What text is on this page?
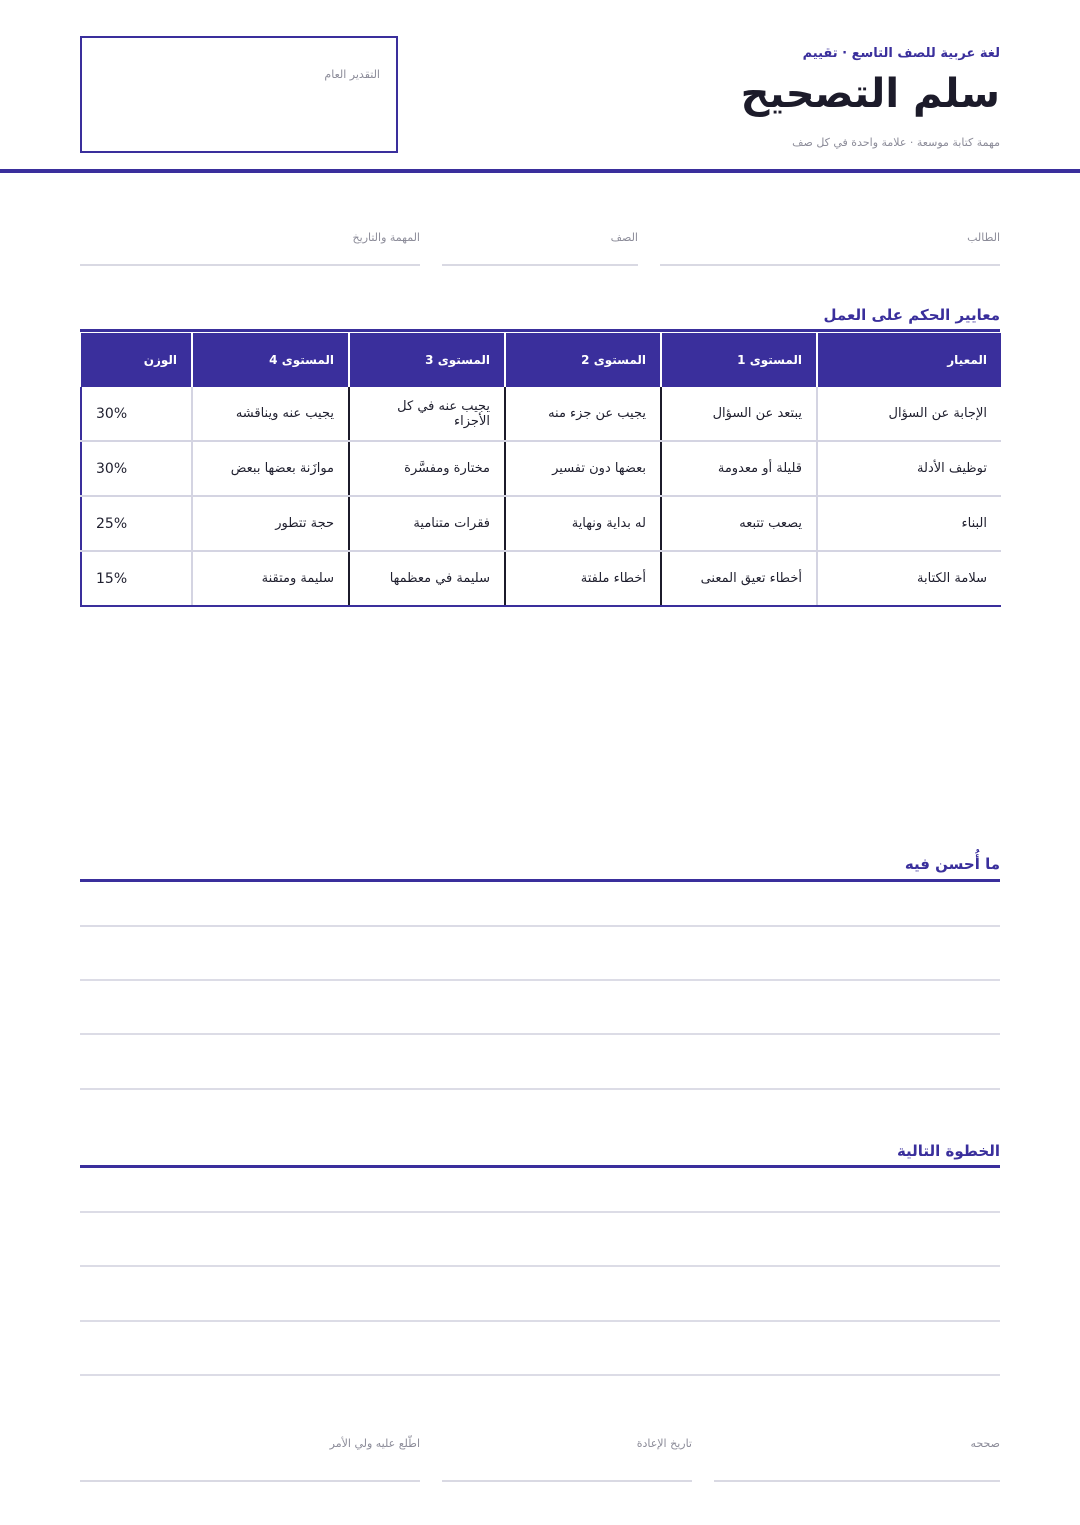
لغة عربية للصف التاسع · تقييم
سلم التصحيح
مهمة كتابة موسعة · علامة واحدة في كل صف
التقدير العام
الطالب
الصف
المهمة والتاريخ
معايير الحكم على العمل
المعيار	المستوى 1	المستوى 2	المستوى 3	المستوى 4	الوزن
الإجابة عن السؤال	يبتعد عن السؤال	يجيب عن جزء منه	يجيب عنه في كل الأجزاء	يجيب عنه ويناقشه	30%
توظيف الأدلة	قليلة أو معدومة	بعضها دون تفسير	مختارة ومفسَّرة	موازَنة بعضها ببعض	30%
البناء	يصعب تتبعه	له بداية ونهاية	فقرات متنامية	حجة تتطور	25%
سلامة الكتابة	أخطاء تعيق المعنى	أخطاء ملفتة	سليمة في معظمها	سليمة ومتقنة	15%
ما أُحسن فيه
الخطوة التالية
صححه
تاريخ الإعادة
اطّلع عليه ولي الأمر
